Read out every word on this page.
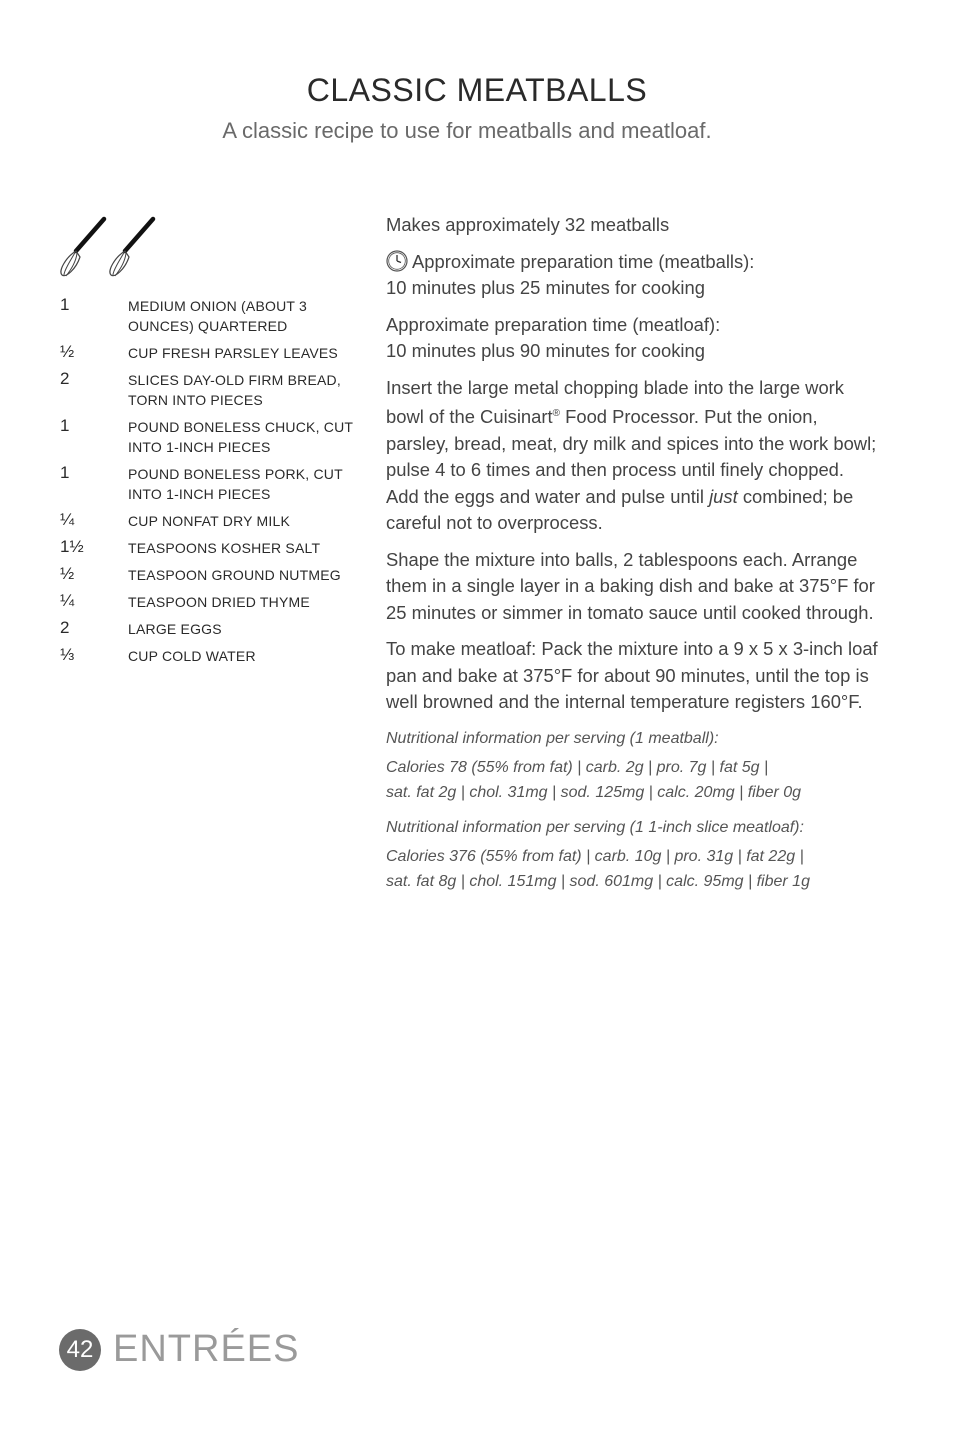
CLASSIC MEATBALLS
A classic recipe to use for meatballs and meatloaf.
1	MEDIUM ONION (ABOUT 3 OUNCES) QUARTERED
½	CUP FRESH PARSLEY LEAVES
2	SLICES DAY-OLD FIRM BREAD, TORN INTO PIECES
1	POUND BONELESS CHUCK, CUT INTO 1-INCH PIECES
1	POUND BONELESS PORK, CUT INTO 1-INCH PIECES
¼	CUP NONFAT DRY MILK
1½	TEASPOONS KOSHER SALT
½	TEASPOON GROUND NUTMEG
¼	TEASPOON DRIED THYME
2	LARGE EGGS
⅓	CUP COLD WATER

Makes approximately 32 meatballs

Approximate preparation time (meatballs):
10 minutes plus 25 minutes for cooking

Approximate preparation time (meatloaf):
10 minutes plus 90 minutes for cooking

Insert the large metal chopping blade into the large work bowl of the Cuisinart® Food Processor. Put the onion, parsley, bread, meat, dry milk and spices into the work bowl; pulse 4 to 6 times and then process until finely chopped. Add the eggs and water and pulse until just combined; be careful not to overprocess.

Shape the mixture into balls, 2 tablespoons each. Arrange them in a single layer in a baking dish and bake at 375°F for 25 minutes or simmer in tomato sauce until cooked through.

To make meatloaf: Pack the mixture into a 9 x 5 x 3-inch loaf pan and bake at 375°F for about 90 minutes, until the top is well browned and the internal temperature registers 160°F.

Nutritional information per serving (1 meatball):

Calories 78 (55% from fat) | carb. 2g | pro. 7g | fat 5g |

sat. fat 2g | chol. 31mg | sod. 125mg | calc. 20mg | fiber 0g

Nutritional information per serving (1 1-inch slice meatloaf):

Calories 376 (55% from fat) | carb. 10g | pro. 31g | fat 22g |

sat. fat 8g | chol. 151mg | sod. 601mg | calc. 95mg | fiber 1g

42 ENTRÉES
